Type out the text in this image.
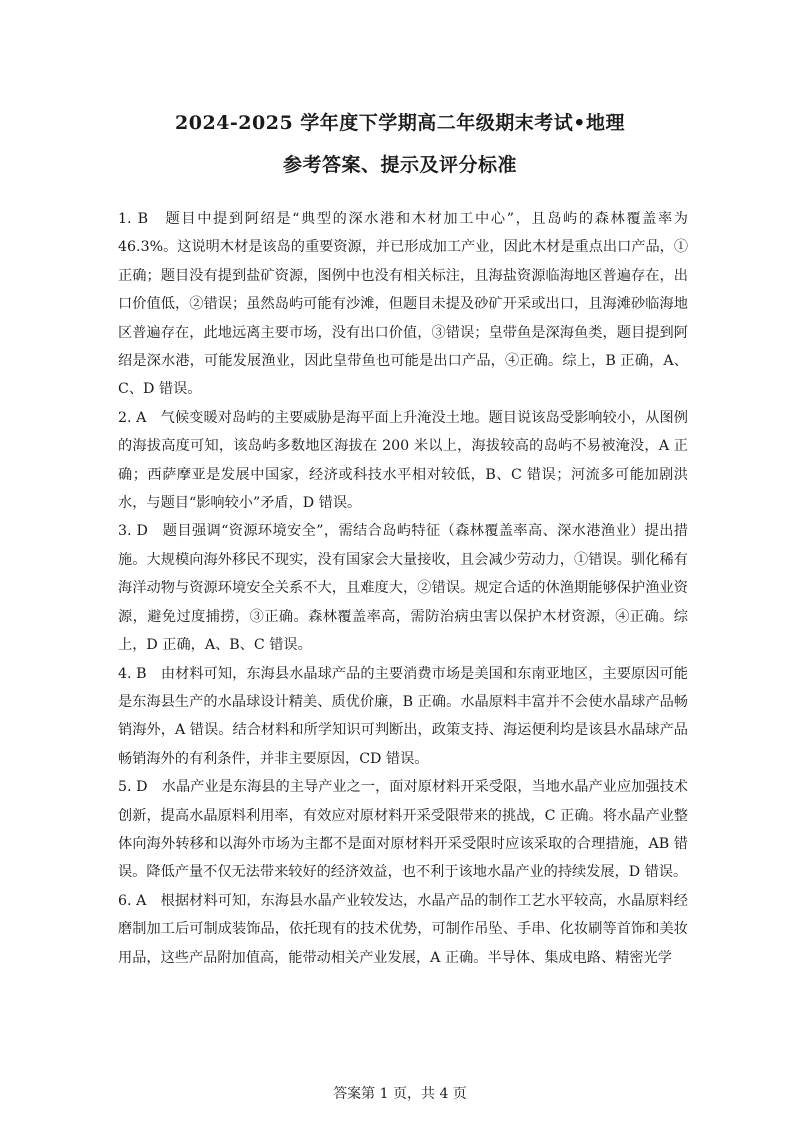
2024-2025 学年度下学期高二年级期末考试•地理
参考答案、提示及评分标准

1. B　题目中提到阿绍是“典型的深水港和木材加工中心”，且岛屿的森林覆盖率为46.3%。这说明木材是该岛的重要资源，并已形成加工产业，因此木材是重点出口产品，①正确；题目没有提到盐矿资源，图例中也没有相关标注，且海盐资源临海地区普遍存在，出口价值低，②错误；虽然岛屿可能有沙滩，但题目未提及砂矿开采或出口，且海滩砂临海地区普遍存在，此地远离主要市场，没有出口价值，③错误；皇带鱼是深海鱼类，题目提到阿绍是深水港，可能发展渔业，因此皇带鱼也可能是出口产品，④正确。综上，B 正确，A、C、D 错误。

2. A　气候变暖对岛屿的主要威胁是海平面上升淹没土地。题目说该岛受影响较小，从图例的海拔高度可知，该岛屿多数地区海拔在 200 米以上，海拔较高的岛屿不易被淹没，A 正确；西萨摩亚是发展中国家，经济或科技水平相对较低，B、C 错误；河流多可能加剧洪水，与题目“影响较小”矛盾，D 错误。

3. D　题目强调“资源环境安全”，需结合岛屿特征（森林覆盖率高、深水港渔业）提出措施。大规模向海外移民不现实，没有国家会大量接收，且会减少劳动力，①错误。驯化稀有海洋动物与资源环境安全关系不大，且难度大，②错误。规定合适的休渔期能够保护渔业资源，避免过度捕捞，③正确。森林覆盖率高，需防治病虫害以保护木材资源，④正确。综上，D 正确，A、B、C 错误。

4. B　由材料可知，东海县水晶球产品的主要消费市场是美国和东南亚地区，主要原因可能是东海县生产的水晶球设计精美、质优价廉，B 正确。水晶原料丰富并不会使水晶球产品畅销海外，A 错误。结合材料和所学知识可判断出，政策支持、海运便利均是该县水晶球产品畅销海外的有利条件，并非主要原因，CD 错误。

5. D　水晶产业是东海县的主导产业之一，面对原材料开采受限，当地水晶产业应加强技术创新，提高水晶原料利用率，有效应对原材料开采受限带来的挑战，C 正确。将水晶产业整体向海外转移和以海外市场为主都不是面对原材料开采受限时应该采取的合理措施，AB 错误。降低产量不仅无法带来较好的经济效益，也不利于该地水晶产业的持续发展，D 错误。

6. A　根据材料可知，东海县水晶产业较发达，水晶产品的制作工艺水平较高，水晶原料经磨制加工后可制成装饰品，依托现有的技术优势，可制作吊坠、手串、化妆刷等首饰和美妆用品，这些产品附加值高，能带动相关产业发展，A 正确。半导体、集成电路、精密光学

答案第 1 页，共 4 页
